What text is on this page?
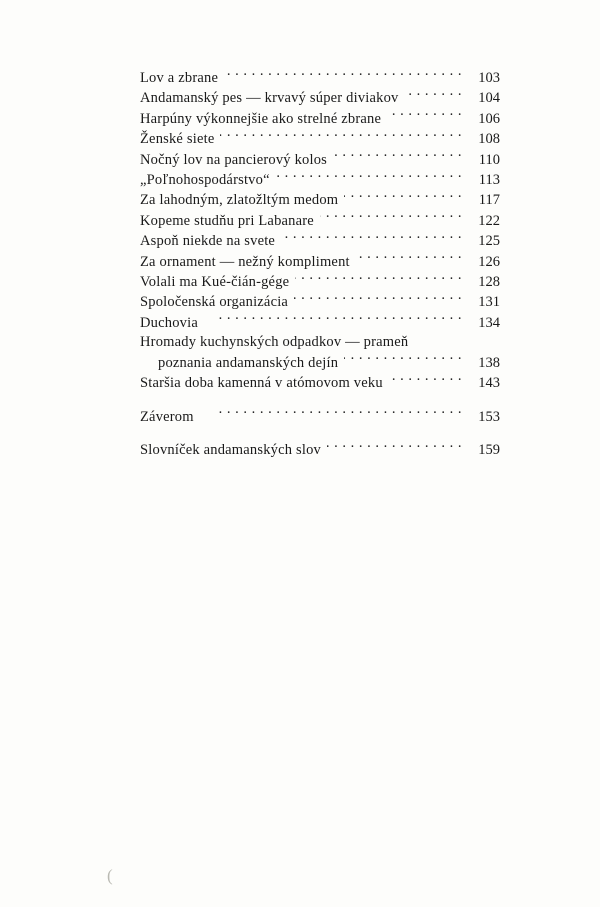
Lov a zbrane . .	103
Andamanský pes — krvavý súper diviakov . .	104
Harpúny výkonnejšie ako strelné zbrane . .	106
Ženské siete . .	108
Nočný lov na pancierový kolos . .	110
„Poľnohospodárstvo“ . .	113
Za lahodným, zlatožltým medom . .	117
Kopeme studňu pri Labanare . .	122
Aspoň niekde na svete . .	125
Za ornament — nežný kompliment . .	126
Volali ma Kué-čián-gége . .	128
Spoločenská organizácia . .	131
Duchovia . .	134
Hromady kuchynských odpadkov — prameň
poznania andamanských dejín . .	138
Staršia doba kamenná v atómovom veku . .	143
Záverom . .	153
Slovníček andamanských slov . .	159
(
